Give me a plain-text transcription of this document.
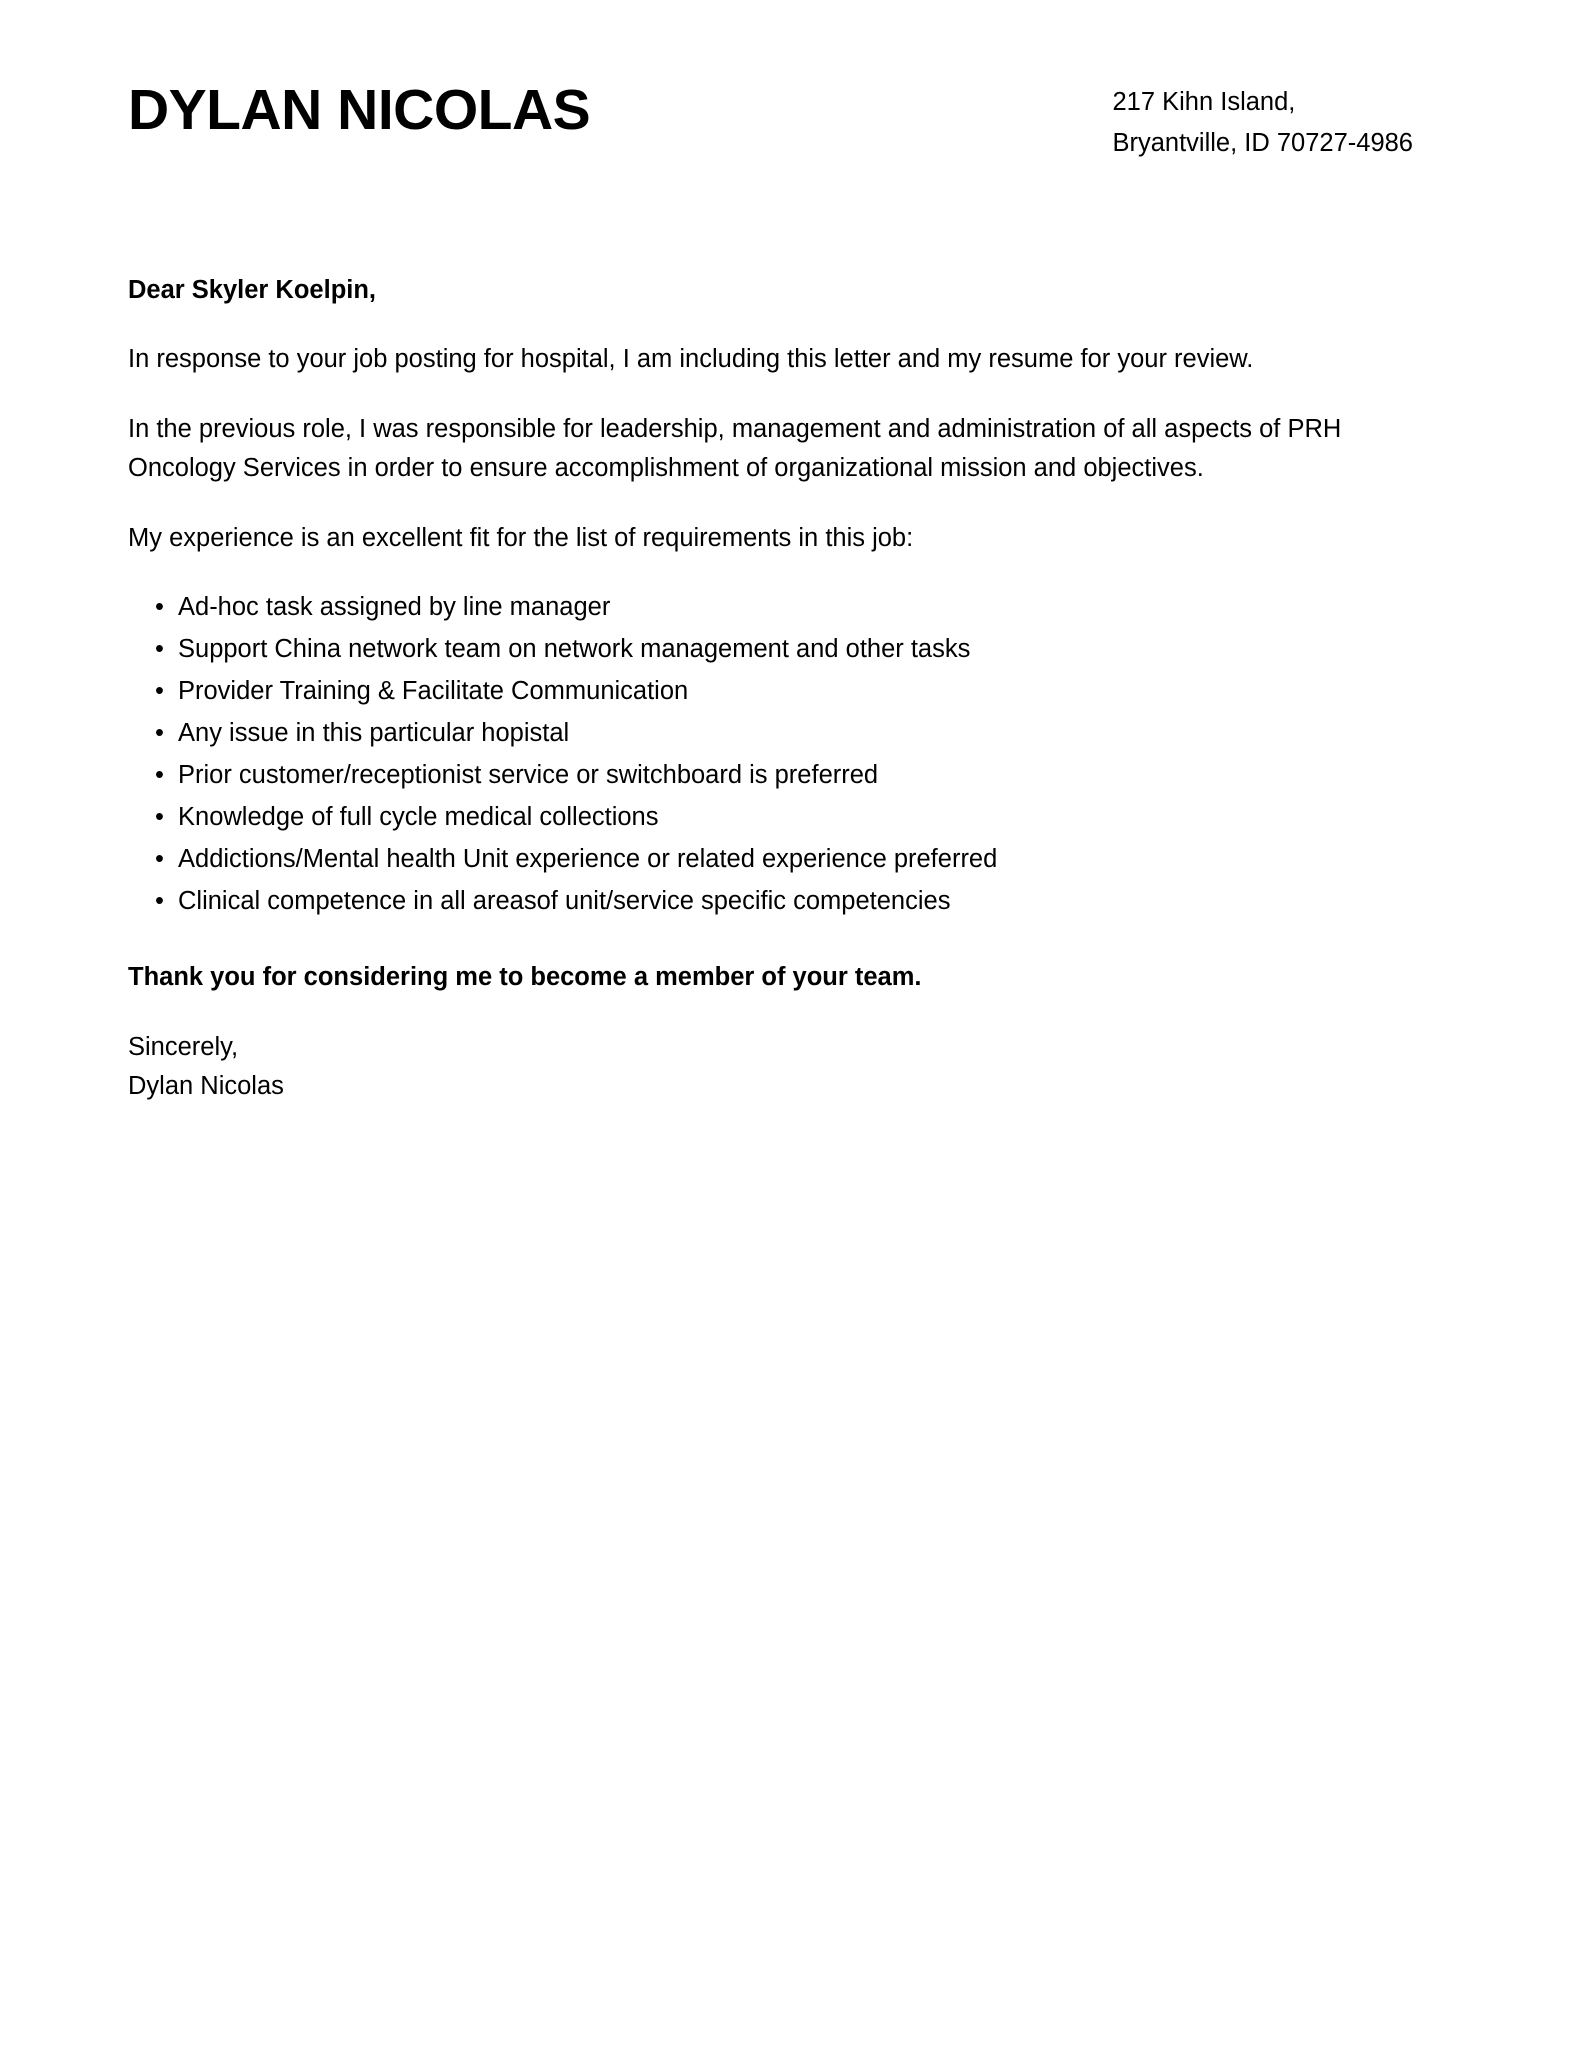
DYLAN NICOLAS	217 Kihn Island,
Bryantville, ID 70727-4986

Dear Skyler Koelpin,

In response to your job posting for hospital, I am including this letter and my resume for your review.

In the previous role, I was responsible for leadership, management and administration of all aspects of PRH Oncology Services in order to ensure accomplishment of organizational mission and objectives.

My experience is an excellent fit for the list of requirements in this job:

• Ad-hoc task assigned by line manager
• Support China network team on network management and other tasks
• Provider Training & Facilitate Communication
• Any issue in this particular hopistal
• Prior customer/receptionist service or switchboard is preferred
• Knowledge of full cycle medical collections
• Addictions/Mental health Unit experience or related experience preferred
• Clinical competence in all areasof unit/service specific competencies

Thank you for considering me to become a member of your team.

Sincerely,
Dylan Nicolas
